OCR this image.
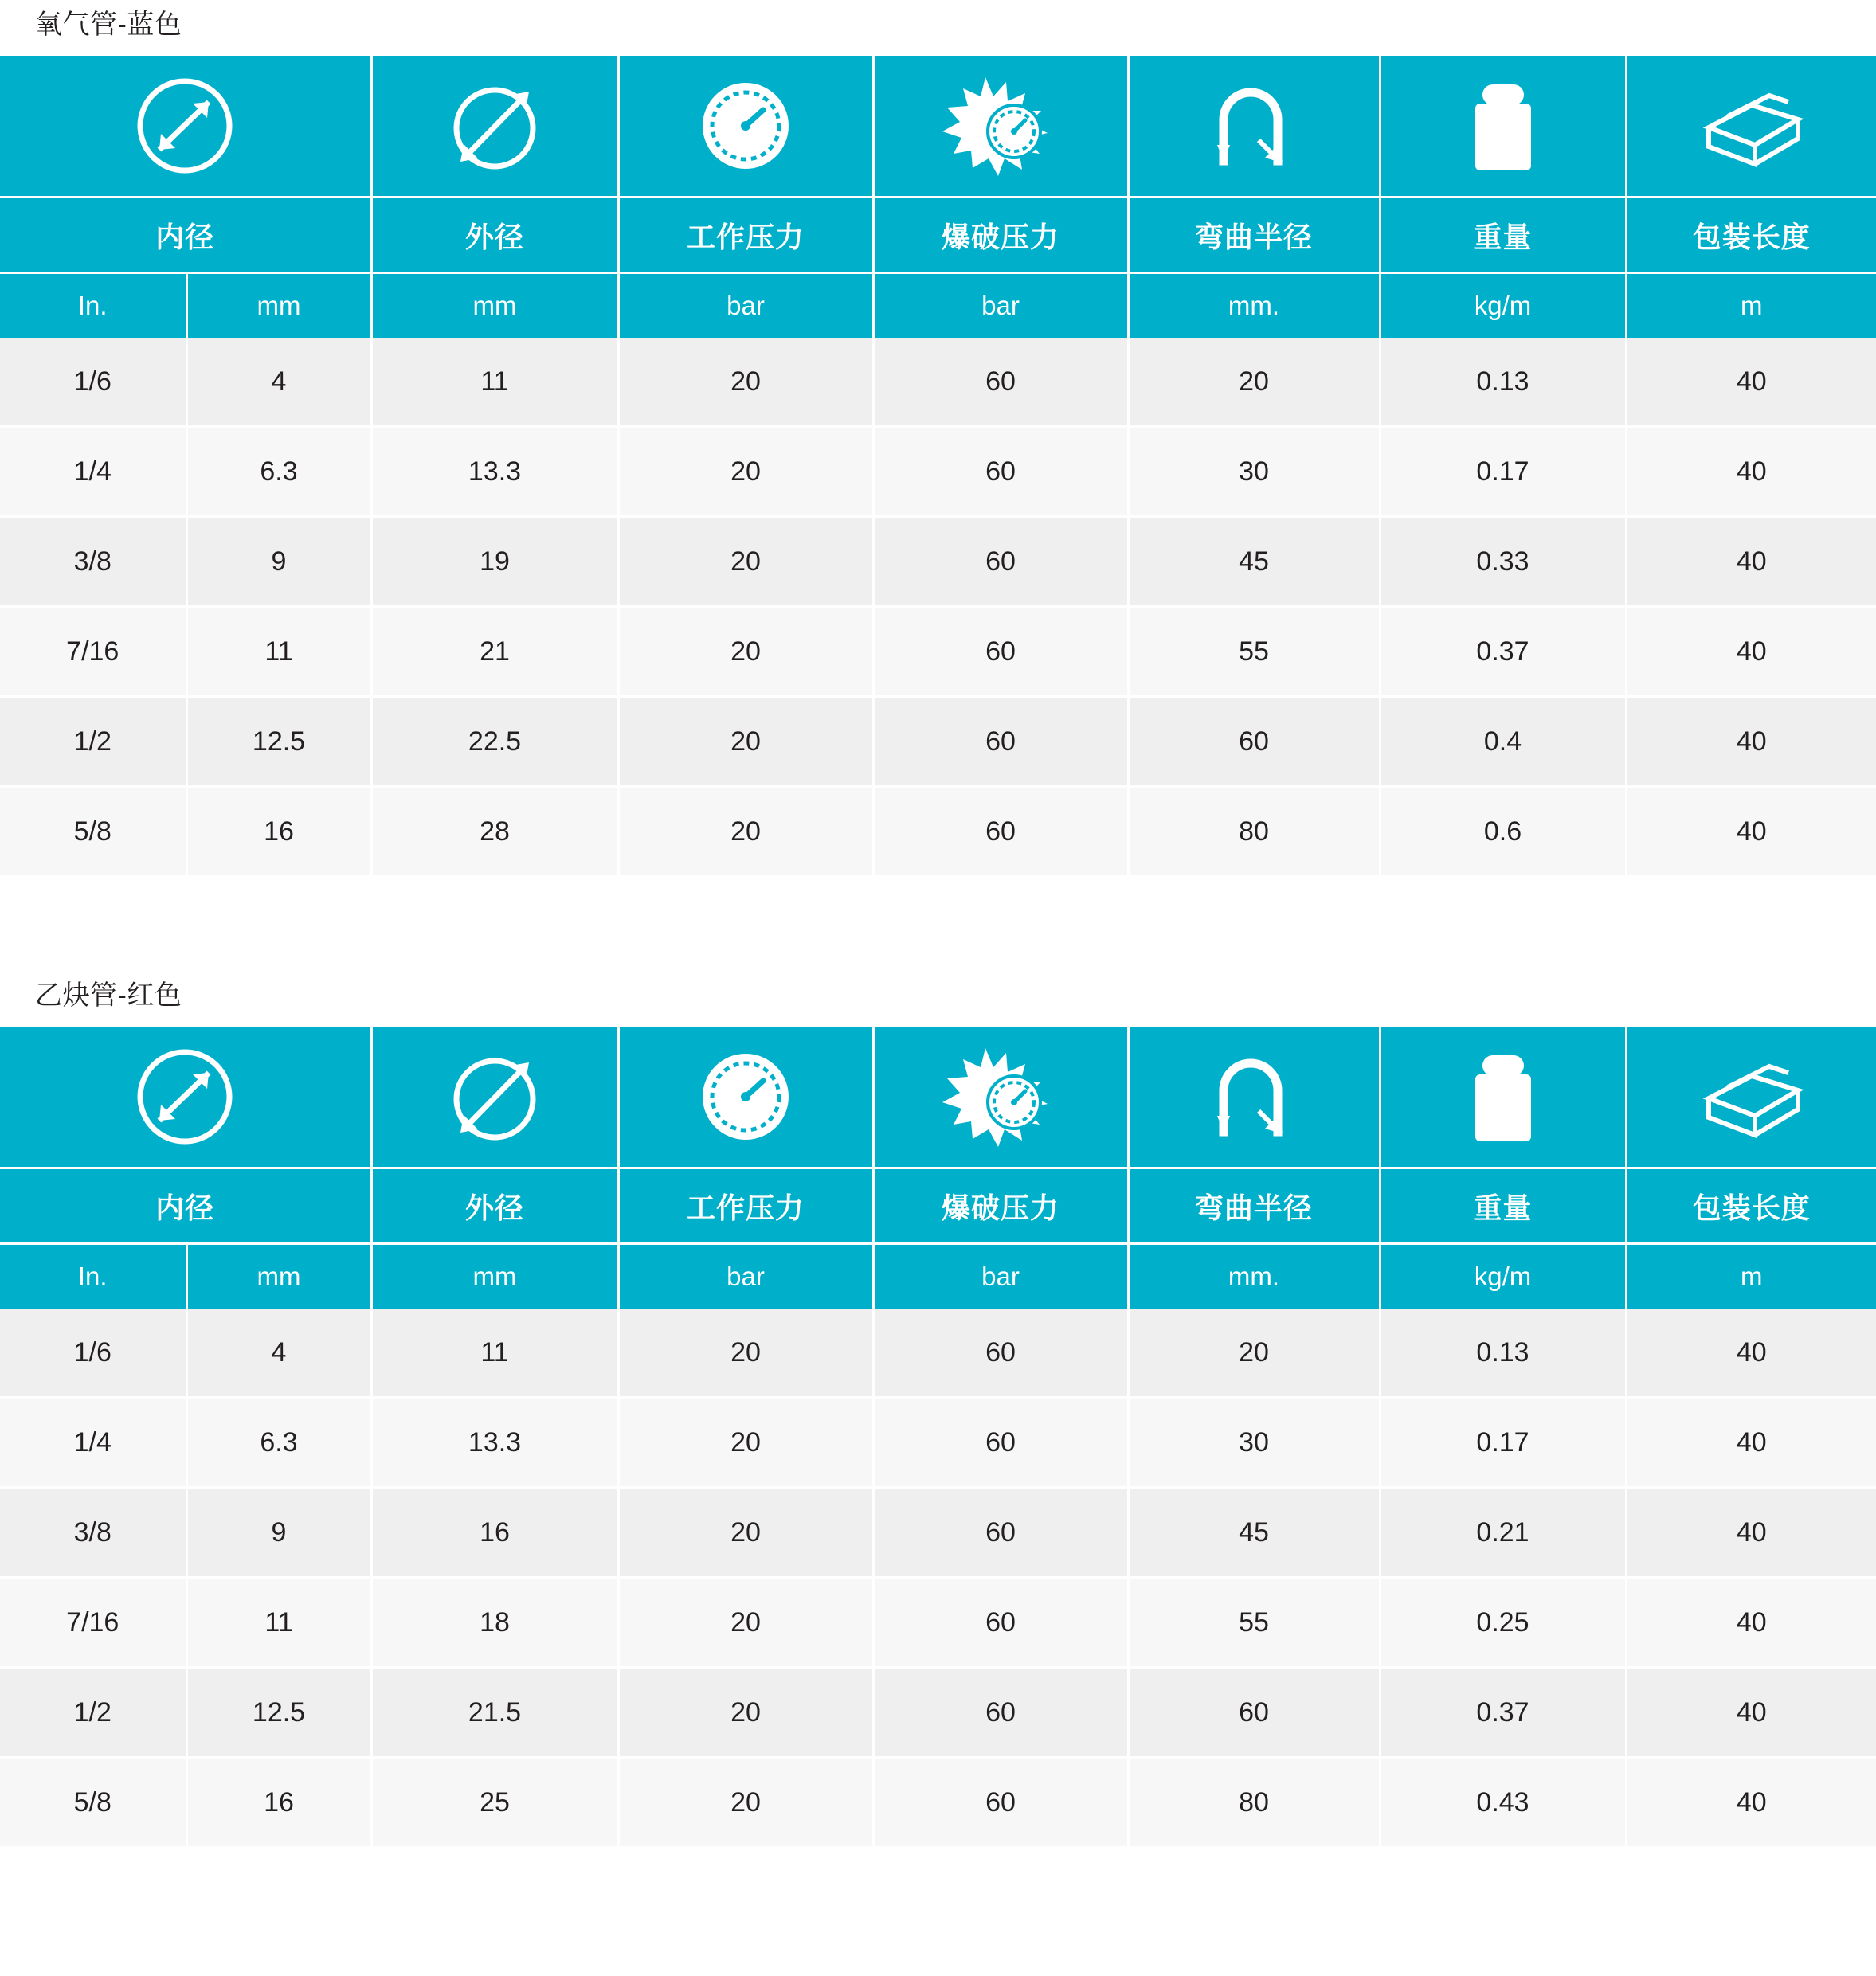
氧气管-蓝色

内径		外径	工作压力	爆破压力	弯曲半径	重量	包装长度
In.	mm	mm	bar	bar	mm.	kg/m	m
1/6	4	11	20	60	20	0.13	40
1/4	6.3	13.3	20	60	30	0.17	40
3/8	9	19	20	60	45	0.33	40
7/16	11	21	20	60	55	0.37	40
1/2	12.5	22.5	20	60	60	0.4	40
5/8	16	28	20	60	80	0.6	40
乙炔管-红色

内径		外径	工作压力	爆破压力	弯曲半径	重量	包装长度
In.	mm	mm	bar	bar	mm.	kg/m	m
1/6	4	11	20	60	20	0.13	40
1/4	6.3	13.3	20	60	30	0.17	40
3/8	9	16	20	60	45	0.21	40
7/16	11	18	20	60	55	0.25	40
1/2	12.5	21.5	20	60	60	0.37	40
5/8	16	25	20	60	80	0.43	40
